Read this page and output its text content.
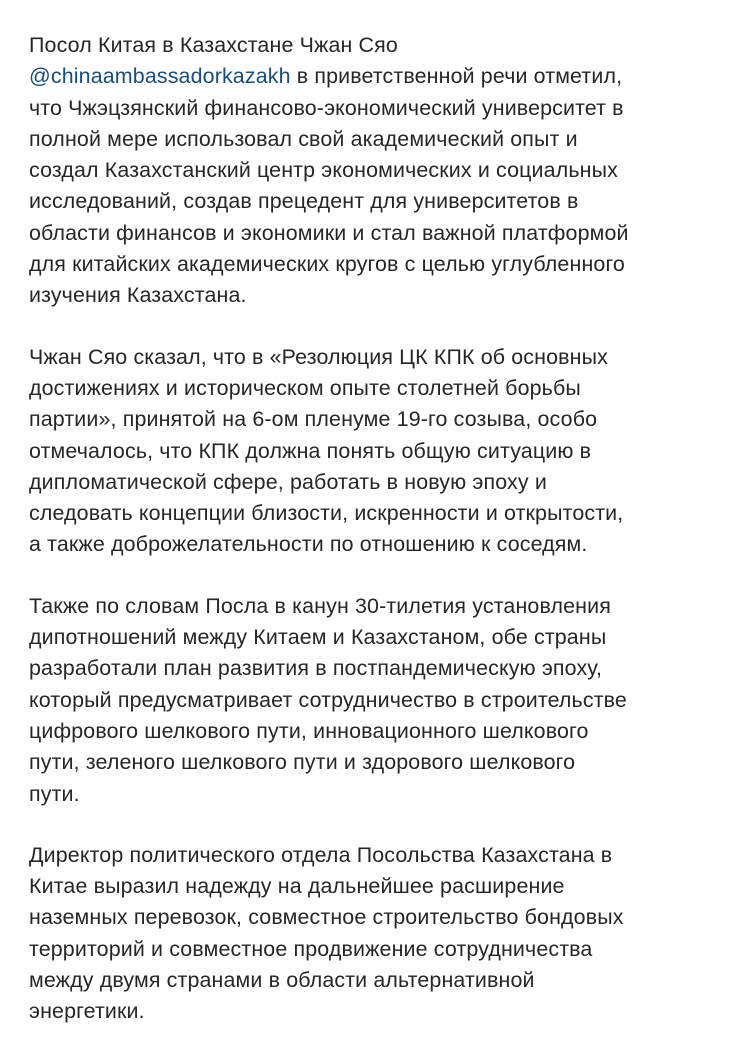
Посол Китая в Казахстане Чжан Сяо
@chinaambassadorkazakh в приветственной речи отметил,
что Чжэцзянский финансово-экономический университет в
полной мере использовал свой академический опыт и
создал Казахстанский центр экономических и социальных
исследований, создав прецедент для университетов в
области финансов и экономики и стал важной платформой
для китайских академических кругов с целью углубленного
изучения Казахстана.
Чжан Сяо сказал, что в «Резолюция ЦК КПК об основных
достижениях и историческом опыте столетней борьбы
партии», принятой на 6-ом пленуме 19-го созыва, особо
отмечалось, что КПК должна понять общую ситуацию в
дипломатической сфере, работать в новую эпоху и
следовать концепции близости, искренности и открытости,
а также доброжелательности по отношению к соседям.
Также по словам Посла в канун 30-тилетия установления
дипотношений между Китаем и Казахстаном, обе страны
разработали план развития в постпандемическую эпоху,
который предусматривает сотрудничество в строительстве
цифрового шелкового пути, инновационного шелкового
пути, зеленого шелкового пути и здорового шелкового
пути.
Директор политического отдела Посольства Казахстана в
Китае выразил надежду на дальнейшее расширение
наземных перевозок, совместное строительство бондовых
территорий и совместное продвижение сотрудничества
между двумя странами в области альтернативной
энергетики.
